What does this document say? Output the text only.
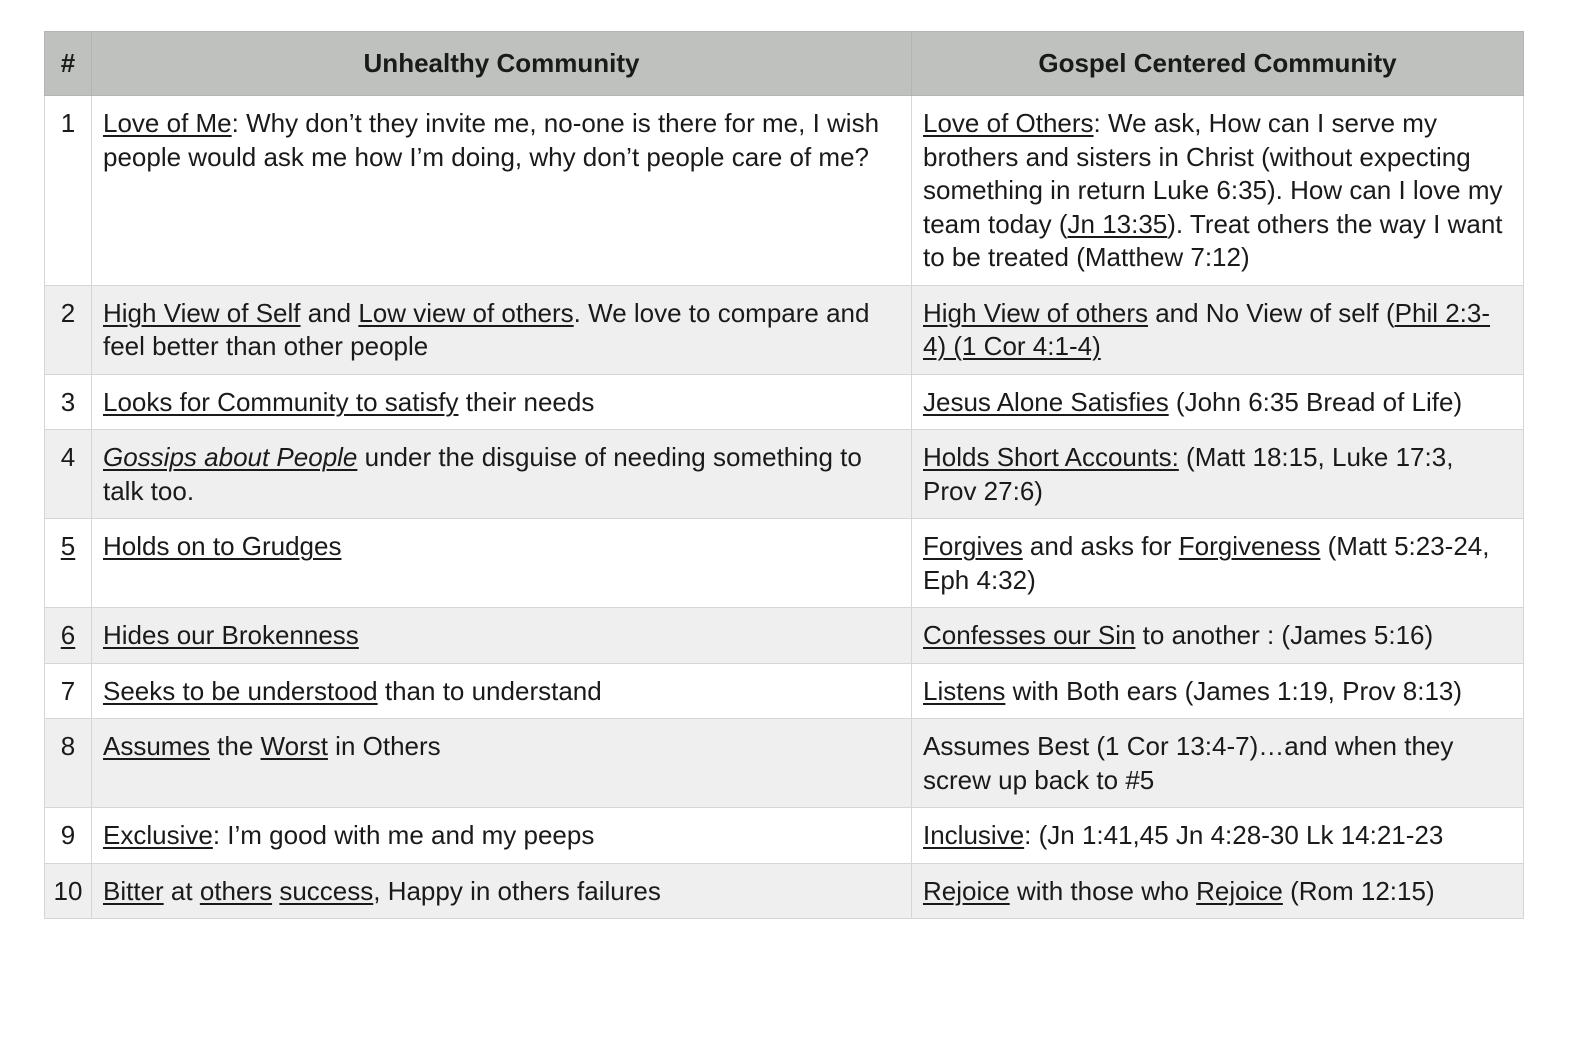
#	Unhealthy Community	Gospel Centered Community
1	Love of Me: Why don’t they invite me, no-one is there for me, I wish people would ask me how I’m doing, why don’t people care of me?	Love of Others: We ask, How can I serve my brothers and sisters in Christ (without expecting something in return Luke 6:35). How can I love my team today (Jn 13:35). Treat others the way I want to be treated (Matthew 7:12)
2	High View of Self and Low view of others. We love to compare and feel better than other people	High View of others and No View of self (Phil 2:3-4) (1 Cor 4:1-4)
3	Looks for Community to satisfy their needs	Jesus Alone Satisfies (John 6:35 Bread of Life)
4	Gossips about People under the disguise of needing something to talk too.	Holds Short Accounts: (Matt 18:15, Luke 17:3, Prov 27:6)
5	Holds on to Grudges	Forgives and asks for Forgiveness (Matt 5:23-24, Eph 4:32)
6	Hides our Brokenness	Confesses our Sin to another : (James 5:16)
7	Seeks to be understood than to understand	Listens with Both ears (James 1:19, Prov 8:13)
8	Assumes the Worst in Others	Assumes Best (1 Cor 13:4-7)…and when they screw up back to #5
9	Exclusive: I’m good with me and my peeps	Inclusive: (Jn 1:41,45 Jn 4:28-30 Lk 14:21-23
10	Bitter at others success, Happy in others failures	Rejoice with those who Rejoice (Rom 12:15)
